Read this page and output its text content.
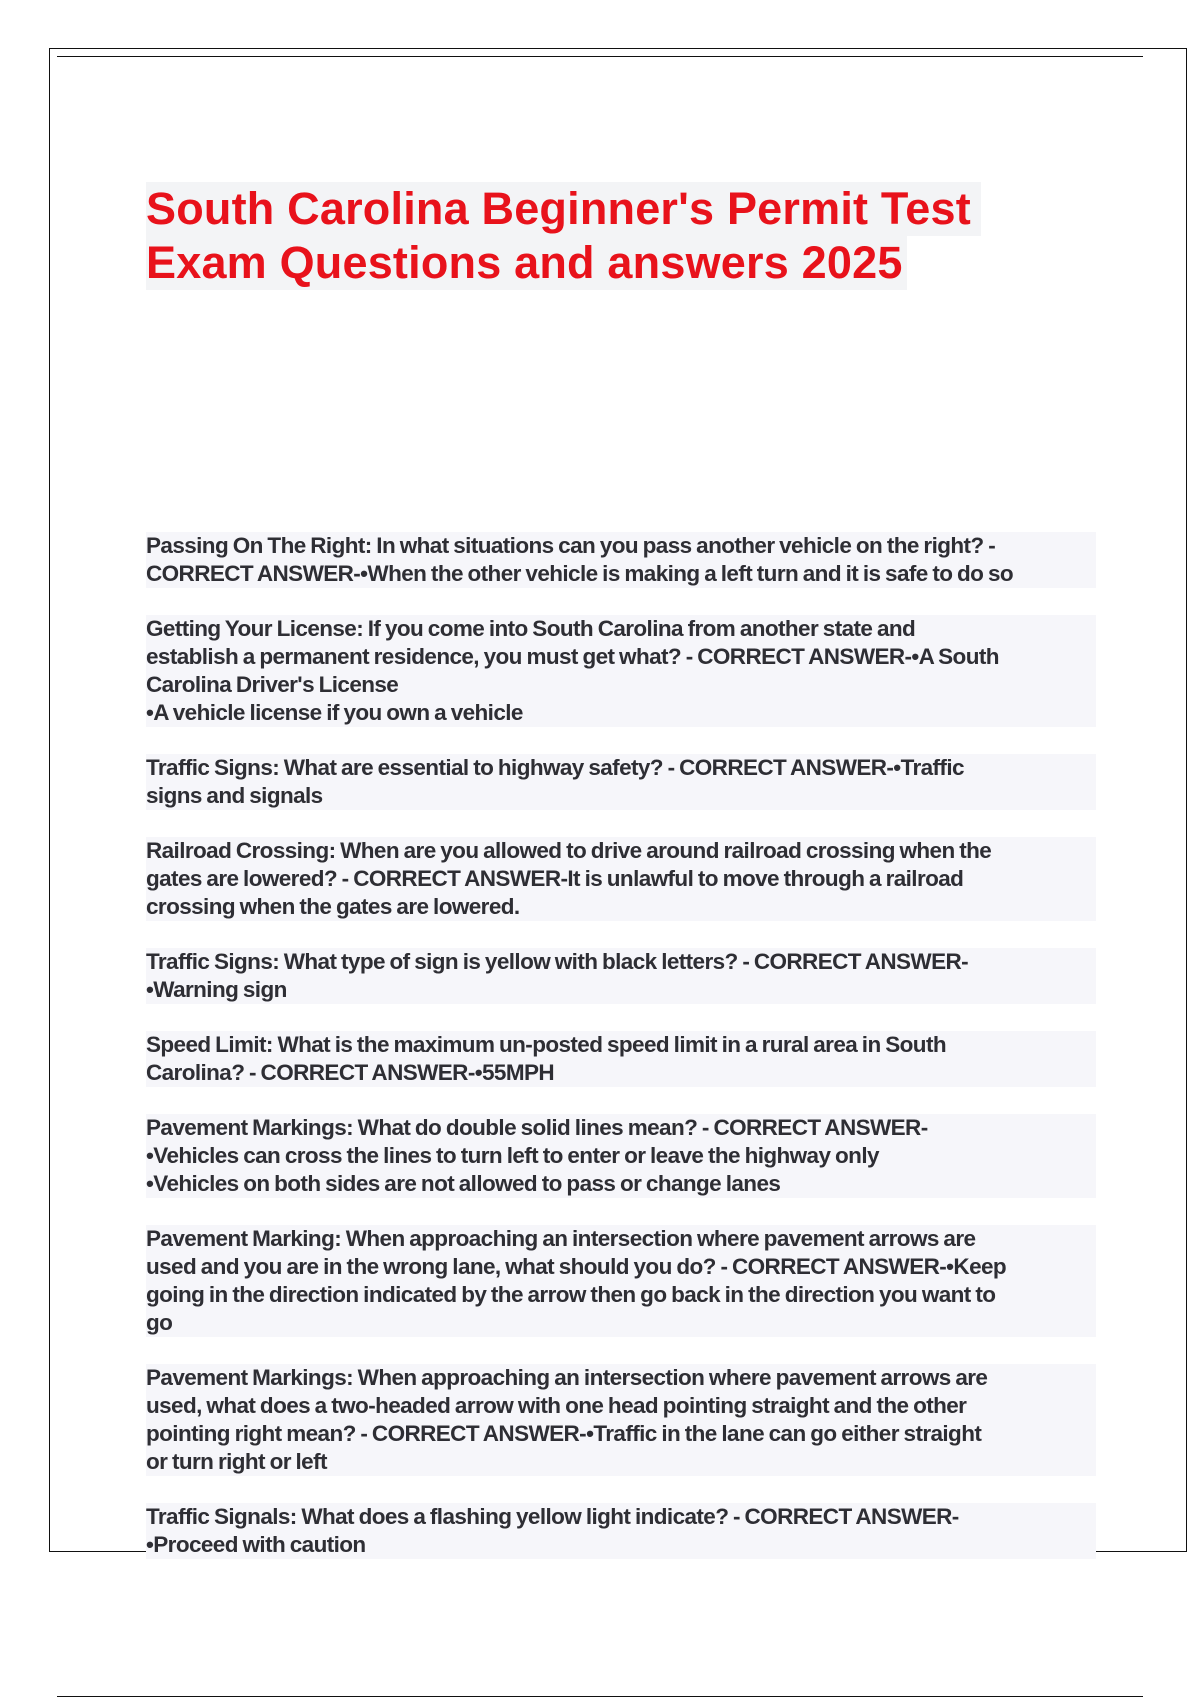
South Carolina Beginner's Permit Test Exam Questions and answers 2025

Passing On The Right: In what situations can you pass another vehicle on the right? -
CORRECT ANSWER-•When the other vehicle is making a left turn and it is safe to do so

Getting Your License: If you come into South Carolina from another state and
establish a permanent residence, you must get what? - CORRECT ANSWER-•A South
Carolina Driver's License
•A vehicle license if you own a vehicle

Traffic Signs: What are essential to highway safety? - CORRECT ANSWER-•Traffic
signs and signals

Railroad Crossing: When are you allowed to drive around railroad crossing when the
gates are lowered? - CORRECT ANSWER-It is unlawful to move through a railroad
crossing when the gates are lowered.

Traffic Signs: What type of sign is yellow with black letters? - CORRECT ANSWER-
•Warning sign

Speed Limit: What is the maximum un-posted speed limit in a rural area in South
Carolina? - CORRECT ANSWER-•55MPH

Pavement Markings: What do double solid lines mean? - CORRECT ANSWER-
•Vehicles can cross the lines to turn left to enter or leave the highway only
•Vehicles on both sides are not allowed to pass or change lanes

Pavement Marking: When approaching an intersection where pavement arrows are
used and you are in the wrong lane, what should you do? - CORRECT ANSWER-•Keep
going in the direction indicated by the arrow then go back in the direction you want to
go

Pavement Markings: When approaching an intersection where pavement arrows are
used, what does a two-headed arrow with one head pointing straight and the other
pointing right mean? - CORRECT ANSWER-•Traffic in the lane can go either straight
or turn right or left

Traffic Signals: What does a flashing yellow light indicate? - CORRECT ANSWER-
•Proceed with caution
